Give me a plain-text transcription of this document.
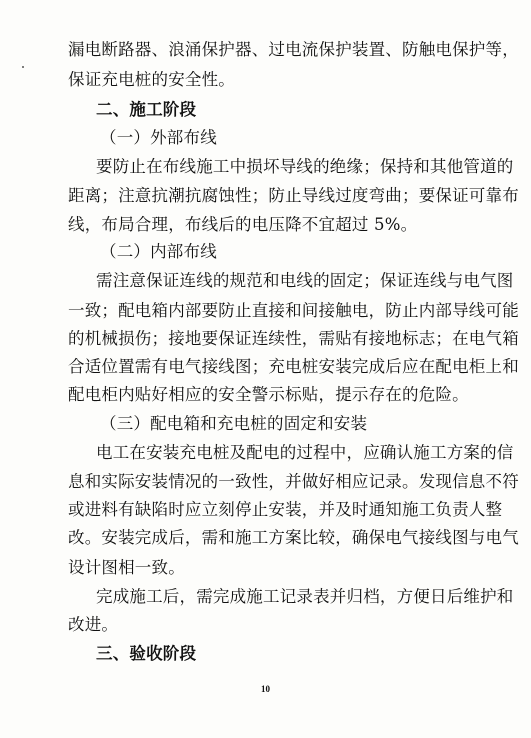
漏电断路器、浪涌保护器、过电流保护装置、防触电保护等，
保证充电桩的安全性。
二、施工阶段
（一）外部布线
要防止在布线施工中损坏导线的绝缘；保持和其他管道的
距离；注意抗潮抗腐蚀性；防止导线过度弯曲；要保证可靠布
线，布局合理，布线后的电压降不宜超过 5%。
（二）内部布线
需注意保证连线的规范和电线的固定；保证连线与电气图
一致；配电箱内部要防止直接和间接触电，防止内部导线可能
的机械损伤；接地要保证连续性，需贴有接地标志；在电气箱
合适位置需有电气接线图；充电桩安装完成后应在配电柜上和
配电柜内贴好相应的安全警示标贴，提示存在的危险。
（三）配电箱和充电桩的固定和安装
电工在安装充电桩及配电的过程中，应确认施工方案的信
息和实际安装情况的一致性，并做好相应记录。发现信息不符
或进料有缺陷时应立刻停止安装，并及时通知施工负责人整
改。安装完成后，需和施工方案比较，确保电气接线图与电气
设计图相一致。
10
完成施工后，需完成施工记录表并归档，方便日后维护和
改进。
三、验收阶段
